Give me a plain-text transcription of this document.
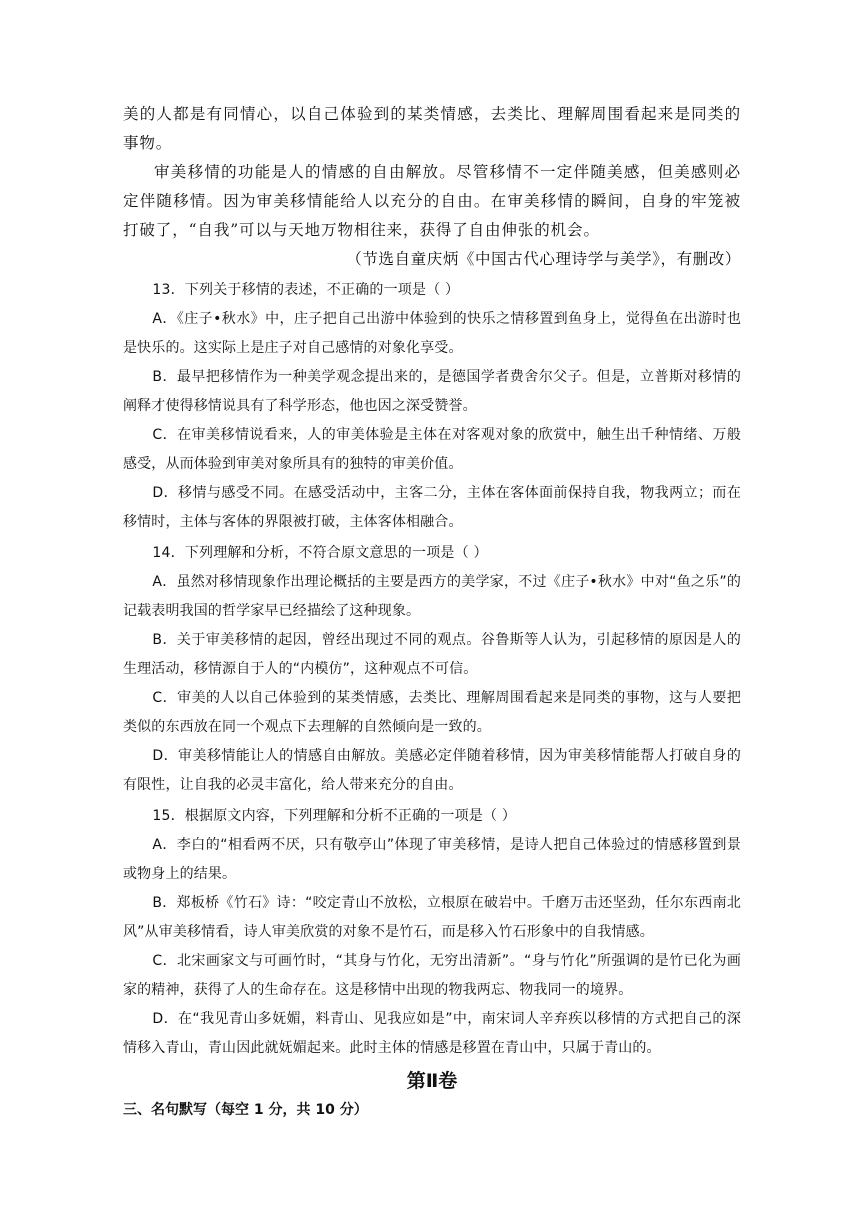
美的人都是有同情心，以自己体验到的某类情感，去类比、理解周围看起来是同类的事物。

审美移情的功能是人的情感的自由解放。尽管移情不一定伴随美感，但美感则必定伴随移情。因为审美移情能给人以充分的自由。在审美移情的瞬间，自身的牢笼被打破了，“自我”可以与天地万物相往来，获得了自由伸张的机会。

（节选自童庆炳《中国古代心理诗学与美学》，有删改）

13．下列关于移情的表述，不正确的一项是（ ）

A．《庄子•秋水》中，庄子把自己出游中体验到的快乐之情移置到鱼身上，觉得鱼在出游时也是快乐的。这实际上是庄子对自己感情的对象化享受。

B．最早把移情作为一种美学观念提出来的，是德国学者费舍尔父子。但是，立普斯对移情的阐释才使得移情说具有了科学形态，他也因之深受赞誉。

C．在审美移情说看来，人的审美体验是主体在对客观对象的欣赏中，触生出千种情绪、万般感受，从而体验到审美对象所具有的独特的审美价值。

D．移情与感受不同。在感受活动中，主客二分，主体在客体面前保持自我，物我两立；而在移情时，主体与客体的界限被打破，主体客体相融合。

14．下列理解和分析，不符合原文意思的一项是（ ）

A．虽然对移情现象作出理论概括的主要是西方的美学家，不过《庄子•秋水》中对“鱼之乐”的记载表明我国的哲学家早已经描绘了这种现象。

B．关于审美移情的起因，曾经出现过不同的观点。谷鲁斯等人认为，引起移情的原因是人的生理活动，移情源自于人的“内模仿”，这种观点不可信。

C．审美的人以自己体验到的某类情感，去类比、理解周围看起来是同类的事物，这与人要把类似的东西放在同一个观点下去理解的自然倾向是一致的。

D．审美移情能让人的情感自由解放。美感必定伴随着移情，因为审美移情能帮人打破自身的有限性，让自我的必灵丰富化，给人带来充分的自由。

15．根据原文内容，下列理解和分析不正确的一项是（ ）

A．李白的“相看两不厌，只有敬亭山”体现了审美移情，是诗人把自己体验过的情感移置到景或物身上的结果。

B．郑板桥《竹石》诗：“咬定青山不放松，立根原在破岩中。千磨万击还坚劲，任尔东西南北风”从审美移情看，诗人审美欣赏的对象不是竹石，而是移入竹石形象中的自我情感。

C．北宋画家文与可画竹时，“其身与竹化，无穷出清新”。“身与竹化”所强调的是竹已化为画家的精神，获得了人的生命存在。这是移情中出现的物我两忘、物我同一的境界。

D．在“我见青山多妩媚，料青山、见我应如是”中，南宋词人辛弃疾以移情的方式把自己的深情移入青山，青山因此就妩媚起来。此时主体的情感是移置在青山中，只属于青山的。

第Ⅱ卷
三、名句默写（每空 1 分，共 10 分）
